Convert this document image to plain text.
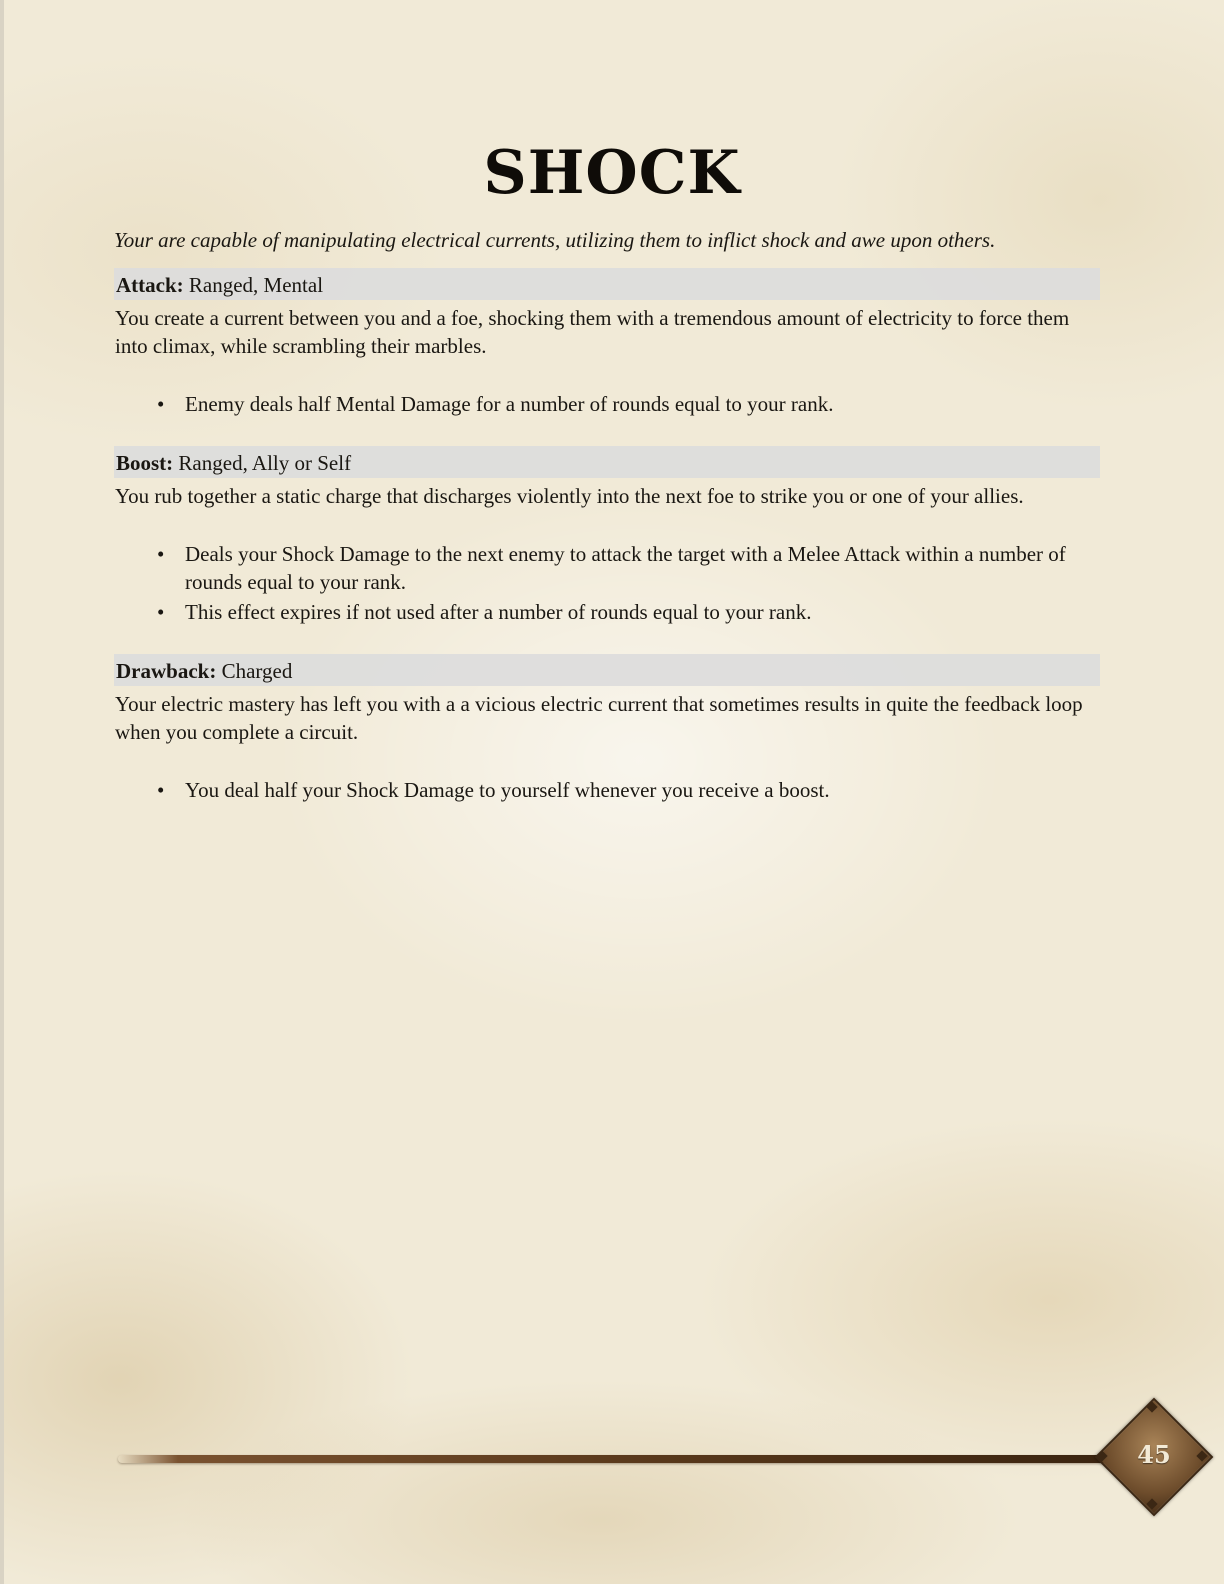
SHOCK

Your are capable of manipulating electrical currents, utilizing them to inflict shock and awe upon others.

Attack: Ranged, Mental
You create a current between you and a foe, shocking them with a tremendous amount of electricity to force them into climax, while scrambling their marbles.
• Enemy deals half Mental Damage for a number of rounds equal to your rank.
Boost: Ranged, Ally or Self
You rub together a static charge that discharges violently into the next foe to strike you or one of your allies.
• Deals your Shock Damage to the next enemy to attack the target with a Melee Attack within a number of rounds equal to your rank.
• This effect expires if not used after a number of rounds equal to your rank.
Drawback: Charged
Your electric mastery has left you with a a vicious electric current that sometimes results in quite the feedback loop when you complete a circuit.
• You deal half your Shock Damage to yourself whenever you receive a boost.
45
